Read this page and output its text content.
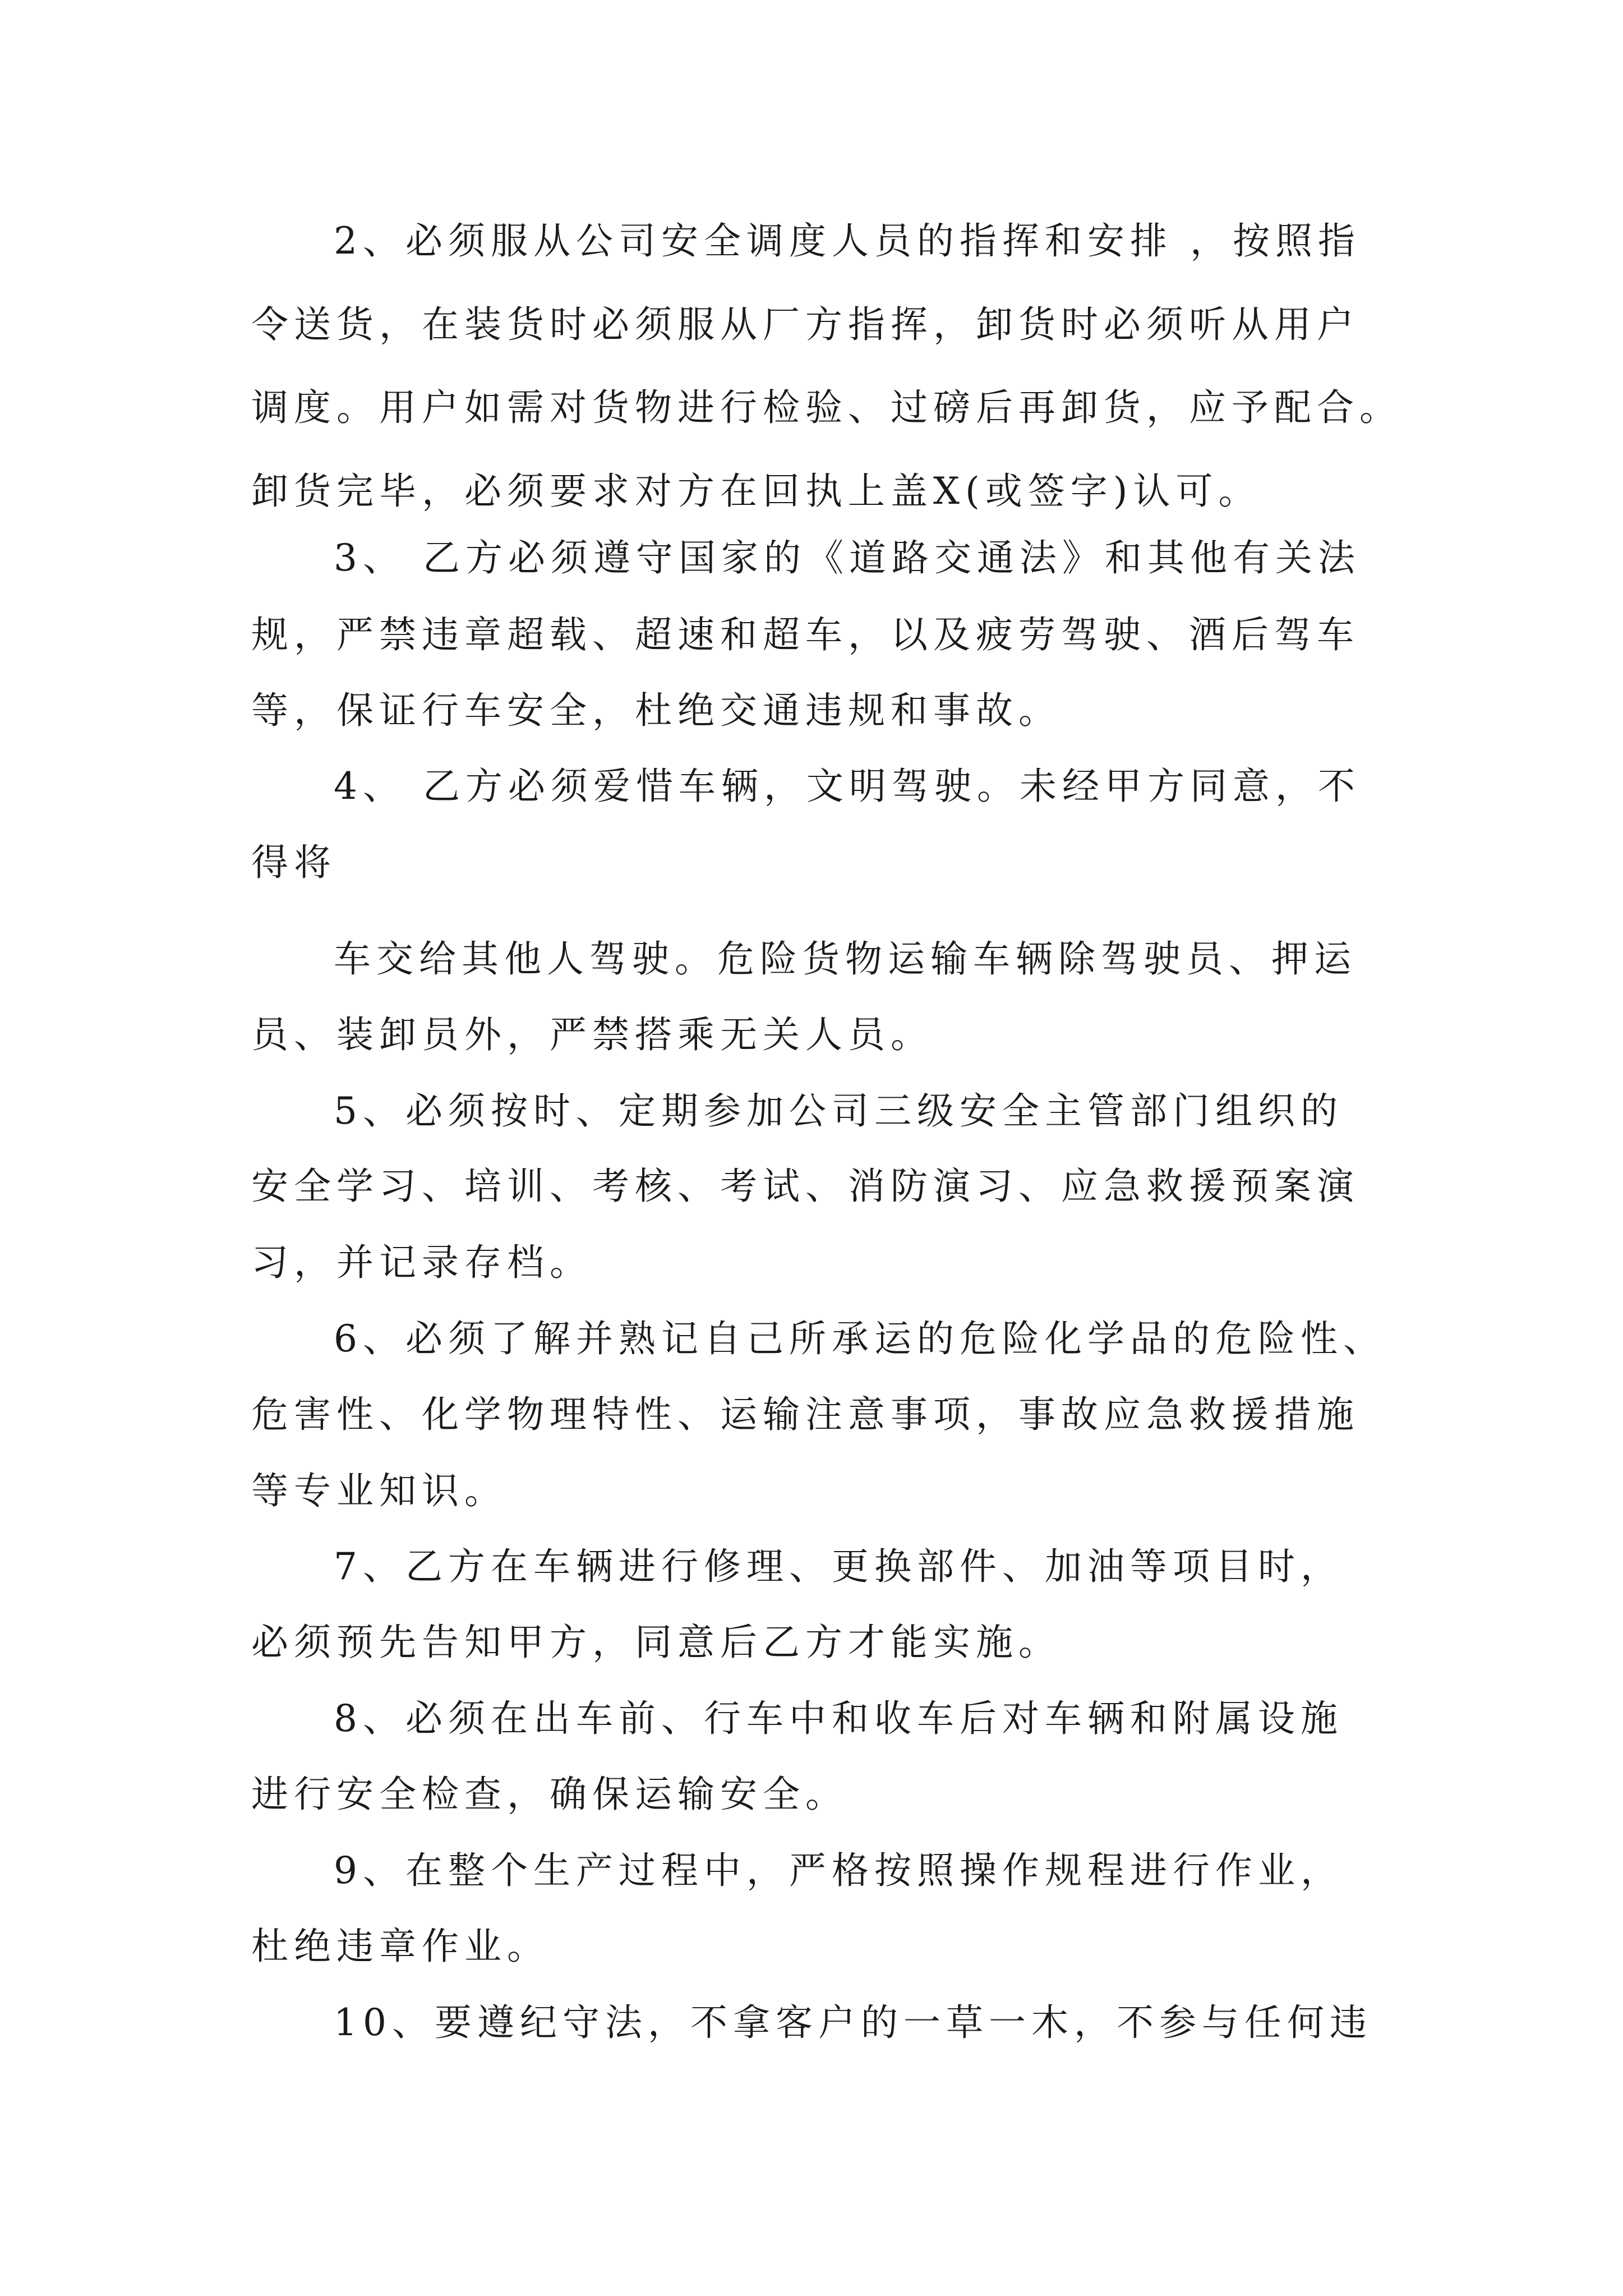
2、必须服从公司安全调度人员的指挥和安排 ，按照指
令送货，在装货时必须服从厂方指挥，卸货时必须听从用户
调度。用户如需对货物进行检验、过磅后再卸货，应予配合。
卸货完毕，必须要求对方在回执上盖X(或签字)认可。
3、 乙方必须遵守国家的《道路交通法》和其他有关法
规，严禁违章超载、超速和超车，以及疲劳驾驶、酒后驾车
等，保证行车安全，杜绝交通违规和事故。
4、 乙方必须爱惜车辆，文明驾驶。未经甲方同意，不
得将
车交给其他人驾驶。危险货物运输车辆除驾驶员、押运
员、装卸员外，严禁搭乘无关人员。
5、必须按时、定期参加公司三级安全主管部门组织的
安全学习、培训、考核、考试、消防演习、应急救援预案演
习，并记录存档。
6、必须了解并熟记自己所承运的危险化学品的危险性、
危害性、化学物理特性、运输注意事项，事故应急救援措施
等专业知识。
7、乙方在车辆进行修理、更换部件、加油等项目时，
必须预先告知甲方，同意后乙方才能实施。
8、必须在出车前、行车中和收车后对车辆和附属设施
进行安全检查，确保运输安全。
9、在整个生产过程中，严格按照操作规程进行作业，
杜绝违章作业。
10、要遵纪守法，不拿客户的一草一木，不参与任何违
